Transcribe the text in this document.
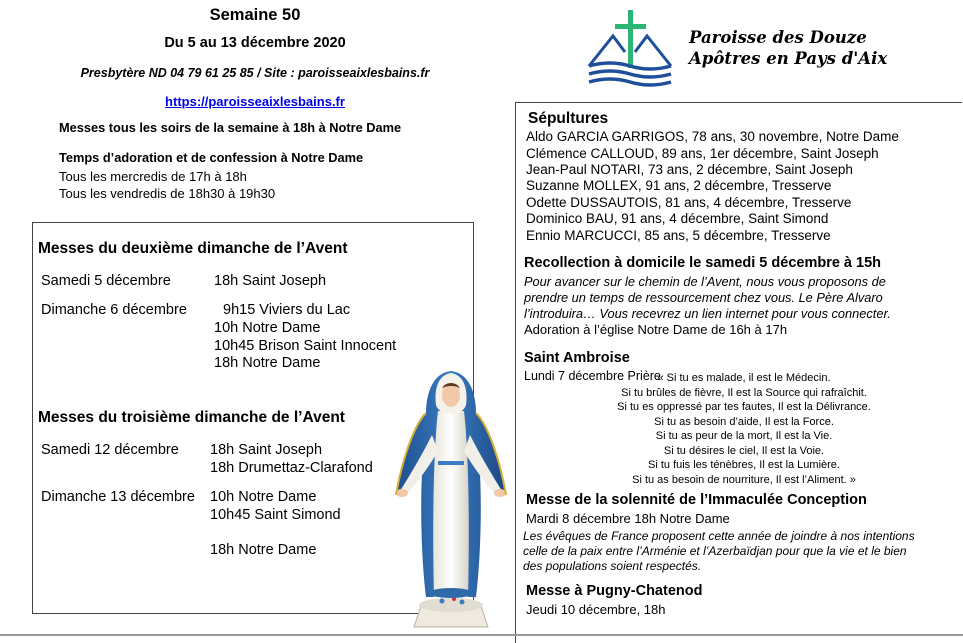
Semaine 50
Du 5 au 13 décembre 2020
Presbytère ND 04 79 61 25 85 / Site : paroisseaixlesbains.fr
https://paroisseaixlesbains.fr
Messes tous les soirs de la semaine à 18h à Notre Dame
Temps d’adoration et de confession à Notre Dame
Tous les mercredis de 17h à 18h
Tous les vendredis de 18h30 à 19h30
Paroisse des Douze
Apôtres en Pays d'Aix
Messes du deuxième dimanche de l’Avent
Samedi 5 décembre	18h Saint Joseph
Dimanche 6 décembre 9h15 Viviers du Lac
10h Notre Dame
10h45 Brison Saint Innocent
18h Notre Dame
Messes du troisième dimanche de l’Avent
Samedi 12 décembre 18h Saint Joseph
18h Drumettaz-Clarafond
Dimanche 13 décembre 10h Notre Dame
10h45 Saint Simond
18h Notre Dame
Sépultures
Aldo GARCIA GARRIGOS, 78 ans, 30 novembre, Notre Dame
Clémence CALLOUD, 89 ans, 1er décembre, Saint Joseph
Jean-Paul NOTARI, 73 ans, 2 décembre, Saint Joseph
Suzanne MOLLEX, 91 ans, 2 décembre, Tresserve
Odette DUSSAUTOIS, 81 ans, 4 décembre, Tresserve
Dominico BAU, 91 ans, 4 décembre, Saint Simond
Ennio MARCUCCI, 85 ans, 5 décembre, Tresserve
Recollection à domicile le samedi 5 décembre à 15h
Pour avancer sur le chemin de l’Avent, nous vous proposons de
prendre un temps de ressourcement chez vous. Le Père Alvaro
l’introduira… Vous recevrez un lien internet pour vous connecter.
Adoration à l’église Notre Dame de 16h à 17h
Saint Ambroise
Lundi 7 décembre Prière
« Si tu es malade, il est le Médecin.
Si tu brûles de fièvre, Il est la Source qui rafraîchit.
Si tu es oppressé par tes fautes, Il est la Délivrance.
Si tu as besoin d’aide, Il est la Force.
Si tu as peur de la mort, Il est la Vie.
Si tu désires le ciel, Il est la Voie.
Si tu fuis les ténèbres, Il est la Lumière.
Si tu as besoin de nourriture, Il est l’Aliment. »
Messe de la solennité de l’Immaculée Conception
Mardi 8 décembre 18h Notre Dame
Les évêques de France proposent cette année de joindre à nos intentions
celle de la paix entre l’Arménie et l’Azerbaïdjan pour que la vie et le bien
des populations soient respectés.
Messe à Pugny-Chatenod
Jeudi 10 décembre, 18h
